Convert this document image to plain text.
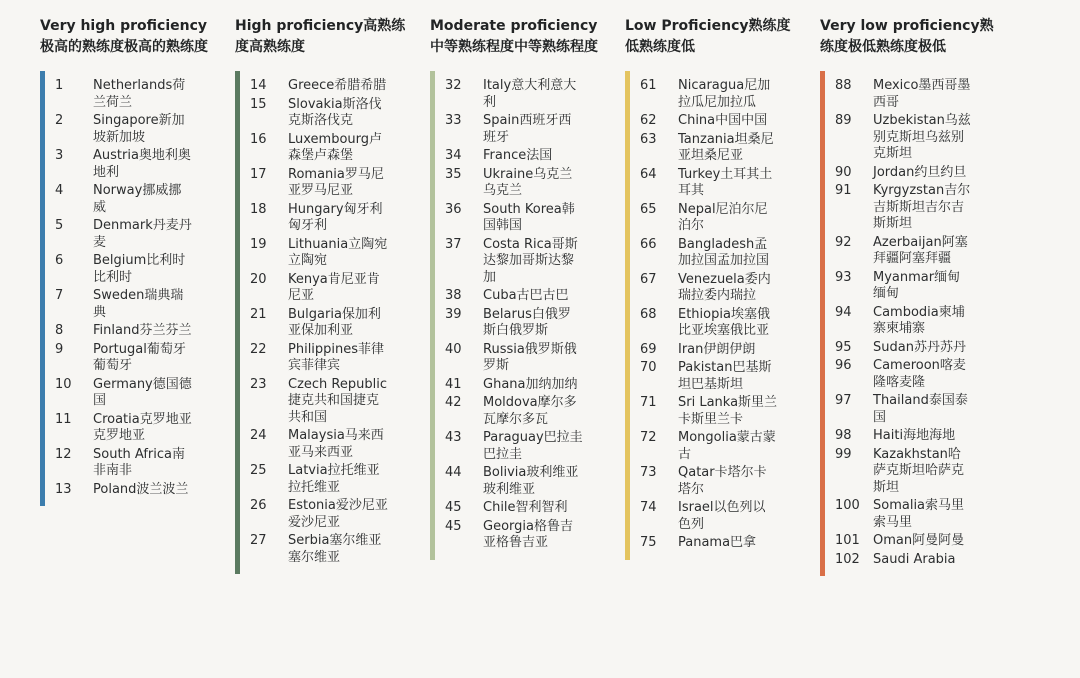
Very high proficiency极高的熟练度极高的熟练度
1	Netherlands荷兰荷兰
2	Singapore新加坡新加坡
3	Austria奥地利奥地利
4	Norway挪威挪威
5	Denmark丹麦丹麦
6	Belgium比利时比利时
7	Sweden瑞典瑞典
8	Finland芬兰芬兰
9	Portugal葡萄牙葡萄牙
10	Germany德国德国
11	Croatia克罗地亚克罗地亚
12	South Africa南非南非
13	Poland波兰波兰
High proficiency高熟练度高熟练度
14	Greece希腊希腊
15	Slovakia斯洛伐克斯洛伐克
16	Luxembourg卢森堡卢森堡
17	Romania罗马尼亚罗马尼亚
18	Hungary匈牙利匈牙利
19	Lithuania立陶宛立陶宛
20	Kenya肯尼亚肯尼亚
21	Bulgaria保加利亚保加利亚
22	Philippines菲律宾菲律宾
23	Czech Republic捷克共和国捷克共和国
24	Malaysia马来西亚马来西亚
25	Latvia拉托维亚拉托维亚
26	Estonia爱沙尼亚爱沙尼亚
27	Serbia塞尔维亚塞尔维亚
Moderate proficiency中等熟练程度中等熟练程度
32	Italy意大利意大利
33	Spain西班牙西班牙
34	France法国
35	Ukraine乌克兰乌克兰
36	South Korea韩国韩国
37	Costa Rica哥斯达黎加哥斯达黎加
38	Cuba古巴古巴
39	Belarus白俄罗斯白俄罗斯
40	Russia俄罗斯俄罗斯
41	Ghana加纳加纳
42	Moldova摩尔多瓦摩尔多瓦
43	Paraguay巴拉圭巴拉圭
44	Bolivia玻利维亚玻利维亚
45	Chile智利智利
45	Georgia格鲁吉亚格鲁吉亚
Low Proficiency熟练度低熟练度低
61	Nicaragua尼加拉瓜尼加拉瓜
62	China中国中国
63	Tanzania坦桑尼亚坦桑尼亚
64	Turkey土耳其土耳其
65	Nepal尼泊尔尼泊尔
66	Bangladesh孟加拉国孟加拉国
67	Venezuela委内瑞拉委内瑞拉
68	Ethiopia埃塞俄比亚埃塞俄比亚
69	Iran伊朗伊朗
70	Pakistan巴基斯坦巴基斯坦
71	Sri Lanka斯里兰卡斯里兰卡
72	Mongolia蒙古蒙古
73	Qatar卡塔尔卡塔尔
74	Israel以色列以色列
75	Panama巴拿
Very low proficiency熟练度极低熟练度极低
88	Mexico墨西哥墨西哥
89	Uzbekistan乌兹别克斯坦乌兹别克斯坦
90	Jordan约旦约旦
91	Kyrgyzstan吉尔吉斯斯坦吉尔吉斯斯坦
92	Azerbaijan阿塞拜疆阿塞拜疆
93	Myanmar缅甸缅甸
94	Cambodia柬埔寨柬埔寨
95	Sudan苏丹苏丹
96	Cameroon喀麦隆喀麦隆
97	Thailand泰国泰国
98	Haiti海地海地
99	Kazakhstan哈萨克斯坦哈萨克斯坦
100	Somalia索马里索马里
101	Oman阿曼阿曼
102	Saudi Arabia
